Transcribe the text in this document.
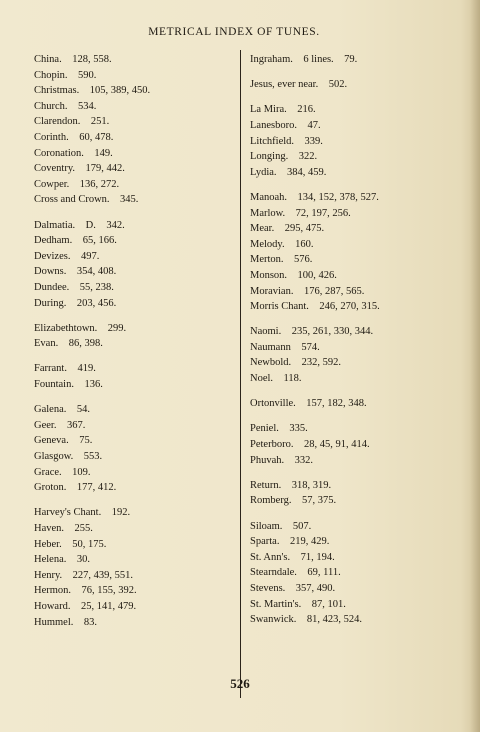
METRICAL INDEX OF TUNES.
China.    128, 558.
Chopin.    590.
Christmas.    105, 389, 450.
Church.    534.
Clarendon.    251.
Corinth.    60, 478.
Coronation.    149.
Coventry.    179, 442.
Cowper.    136, 272.
Cross and Crown.    345.
Dalmatia.    D.    342.
Dedham.    65, 166.
Devizes.    497.
Downs.    354, 408.
Dundee.    55, 238.
During.    203, 456.
Elizabethtown.    299.
Evan.    86, 398.
Farrant.    419.
Fountain.    136.
Galena.    54.
Geer.    367.
Geneva.    75.
Glasgow.    553.
Grace.    109.
Groton.    177, 412.
Harvey's Chant.    192.
Haven.    255.
Heber.    50, 175.
Helena.    30.
Henry.    227, 439, 551.
Hermon.    76, 155, 392.
Howard.    25, 141, 479.
Hummel.    83.
Ingraham.    6 lines.    79.
Jesus, ever near.    502.
La Mira.    216.
Lanesboro.    47.
Litchfield.    339.
Longing.    322.
Lydia.    384, 459.
Manoah.    134, 152, 378, 527.
Marlow.    72, 197, 256.
Mear.    295, 475.
Melody.    160.
Merton.    576.
Monson.    100, 426.
Moravian.    176, 287, 565.
Morris Chant.    246, 270, 315.
Naomi.    235, 261, 330, 344.
Naumann    574.
Newbold.    232, 592.
Noel.    118.
Ortonville.    157, 182, 348.
Peniel.    335.
Peterboro.    28, 45, 91, 414.
Phuvah.    332.
Return.    318, 319.
Romberg.    57, 375.
Siloam.    507.
Sparta.    219, 429.
St. Ann's.    71, 194.
Stearndale.    69, 111.
Stevens.    357, 490.
St. Martin's.    87, 101.
Swanwick.    81, 423, 524.
526
